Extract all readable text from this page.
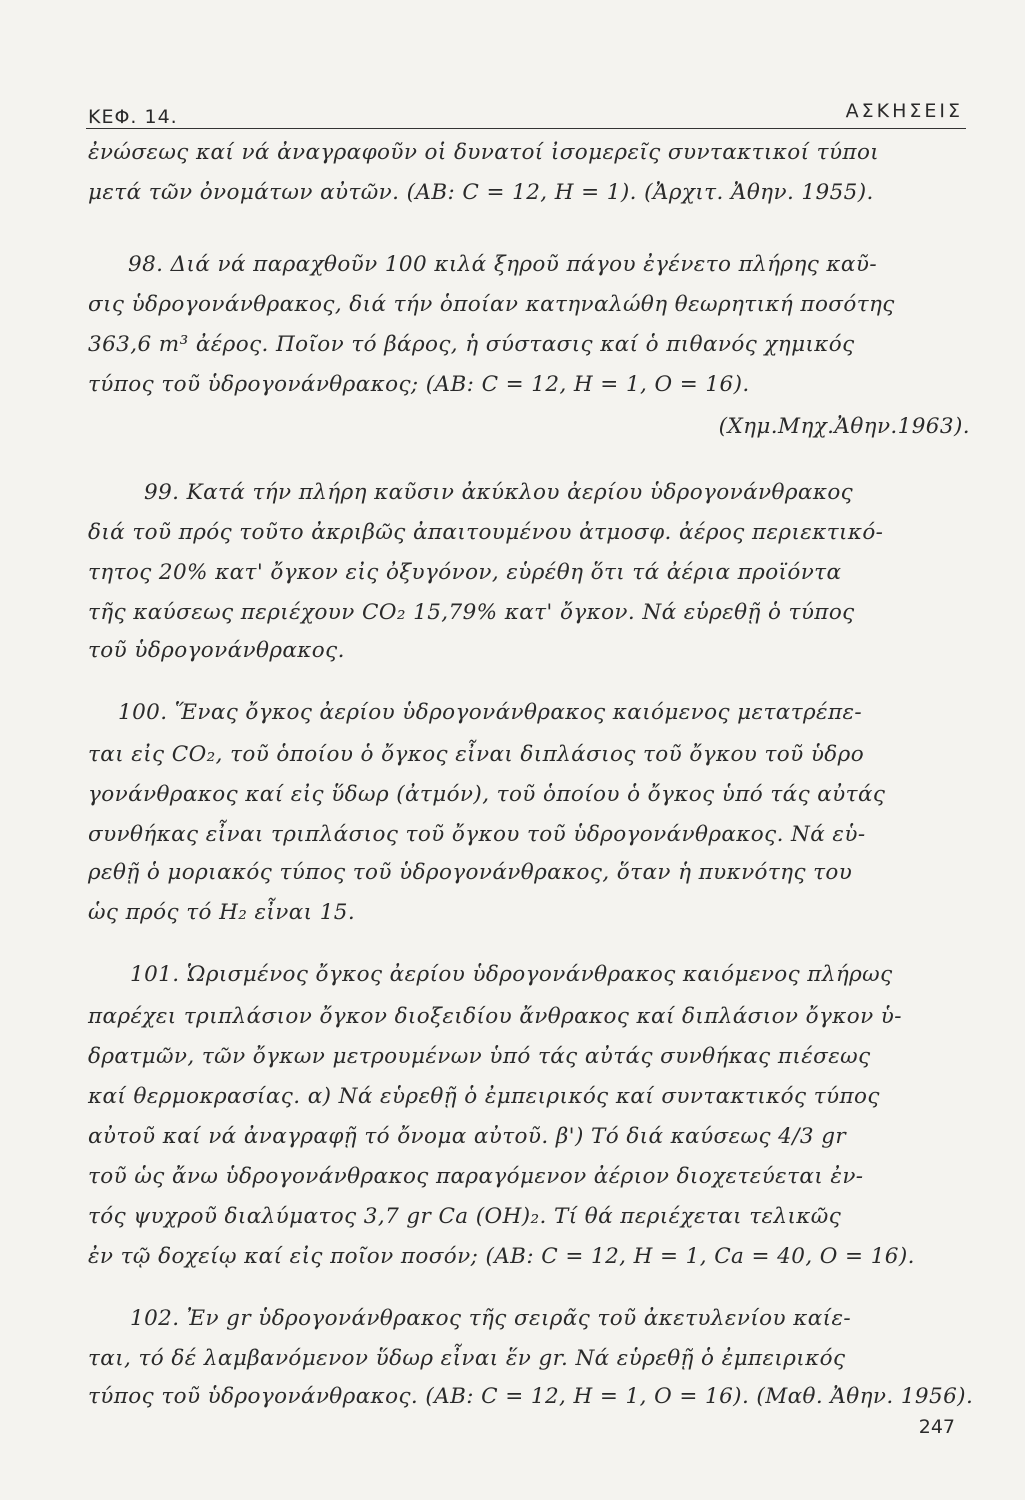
ΚΕΦ. 14.	ΑΣΚΗΣΕΙΣ
ἐνώσεως καί νά ἀναγραφοῦν οἱ δυνατοί ἰσομερεῖς συντακτικοί τύποι
μετά τῶν ὀνομάτων αὐτῶν. (ΑΒ: C = 12, H = 1). (Ἀρχιτ. Ἀθην. 1955).
98. Διά νά παραχθοῦν 100 κιλά ξηροῦ πάγου ἐγένετο πλήρης καῦ-
σις ὑδρογονάνθρακος, διά τήν ὁποίαν κατηναλώθη θεωρητική ποσότης
363,6 m³ ἀέρος. Ποῖον τό βάρος, ἡ σύστασις καί ὁ πιθανός χημικός
τύπος τοῦ ὑδρογονάνθρακος; (ΑΒ: C = 12, H = 1, O = 16).
(Χημ.Μηχ.Ἀθην.1963).
99. Κατά τήν πλήρη καῦσιν ἀκύκλου ἀερίου ὑδρογονάνθρακος
διά τοῦ πρός τοῦτο ἀκριβῶς ἀπαιτουμένου ἀτμοσφ. ἀέρος περιεκτικό-
τητος 20% κατ' ὄγκον εἰς ὀξυγόνον, εὑρέθη ὅτι τά ἀέρια προϊόντα
τῆς καύσεως περιέχουν CO₂ 15,79% κατ' ὄγκον. Νά εὑρεθῇ ὁ τύπος
τοῦ ὑδρογονάνθρακος.
100. Ἕνας ὄγκος ἀερίου ὑδρογονάνθρακος καιόμενος μετατρέπε-
ται εἰς CO₂, τοῦ ὁποίου ὁ ὄγκος εἶναι διπλάσιος τοῦ ὄγκου τοῦ ὑδρο
γονάνθρακος καί εἰς ὕδωρ (ἀτμόν), τοῦ ὁποίου ὁ ὄγκος ὑπό τάς αὐτάς
συνθήκας εἶναι τριπλάσιος τοῦ ὄγκου τοῦ ὑδρογονάνθρακος. Νά εὑ-
ρεθῇ ὁ μοριακός τύπος τοῦ ὑδρογονάνθρακος, ὅταν ἡ πυκνότης του
ὡς πρός τό H₂ εἶναι 15.
101. Ὡρισμένος ὄγκος ἀερίου ὑδρογονάνθρακος καιόμενος πλήρως
παρέχει τριπλάσιον ὄγκον διοξειδίου ἄνθρακος καί διπλάσιον ὄγκον ὑ-
δρατμῶν, τῶν ὄγκων μετρουμένων ὑπό τάς αὐτάς συνθήκας πιέσεως
καί θερμοκρασίας. α) Νά εὑρεθῇ ὁ ἐμπειρικός καί συντακτικός τύπος
αὐτοῦ καί νά ἀναγραφῇ τό ὄνομα αὐτοῦ. β') Τό διά καύσεως 4/3 gr
τοῦ ὡς ἄνω ὑδρογονάνθρακος παραγόμενον ἀέριον διοχετεύεται ἐν-
τός ψυχροῦ διαλύματος 3,7 gr Ca (OH)₂. Τί θά περιέχεται τελικῶς
ἐν τῷ δοχείῳ καί εἰς ποῖον ποσόν; (ΑΒ: C = 12, H = 1, Ca = 40, O = 16).
102. Ἐν gr ὑδρογονάνθρακος τῆς σειρᾶς τοῦ ἀκετυλενίου καίε-
ται, τό δέ λαμβανόμενον ὕδωρ εἶναι ἕν gr. Νά εὑρεθῇ ὁ ἐμπειρικός
τύπος τοῦ ὑδρογονάνθρακος. (ΑΒ: C = 12, H = 1, O = 16). (Μαθ. Ἀθην. 1956).
247
